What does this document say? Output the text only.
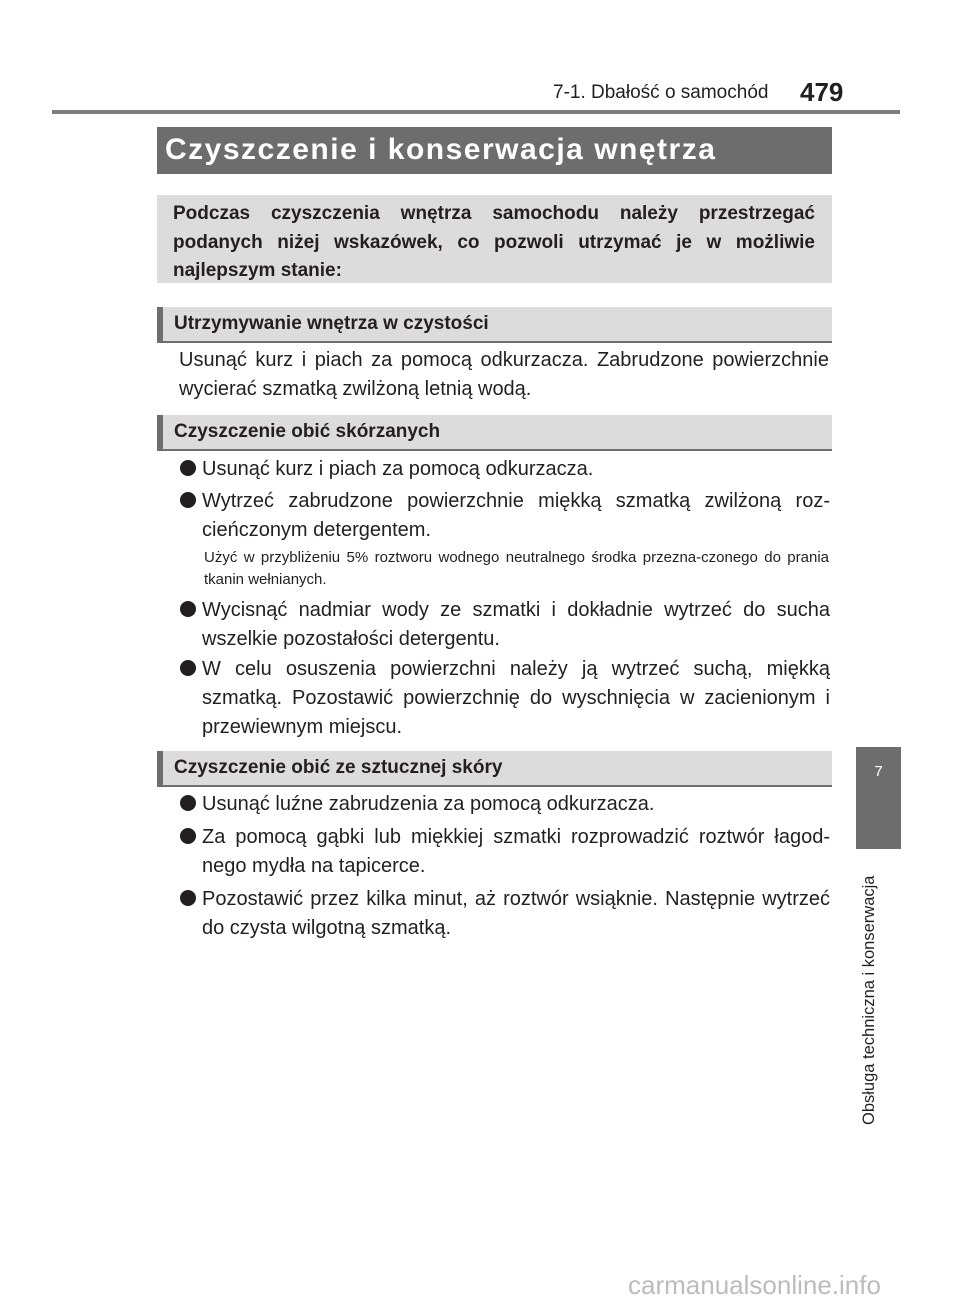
7-1. Dbałość o samochód 479
Czyszczenie i konserwacja wnętrza
Podczas czyszczenia wnętrza samochodu należy przestrzegać podanych niżej wskazówek, co pozwoli utrzymać je w możliwie najlepszym stanie:
Utrzymywanie wnętrza w czystości
Usunąć kurz i piach za pomocą odkurzacza. Zabrudzone powierzchnie wycierać szmatką zwilżoną letnią wodą.
Czyszczenie obić skórzanych
Usunąć kurz i piach za pomocą odkurzacza.
Wytrzeć zabrudzone powierzchnie miękką szmatką zwilżoną roz-cieńczonym detergentem.
Użyć w przybliżeniu 5% roztworu wodnego neutralnego środka przezna-czonego do prania tkanin wełnianych.
Wycisnąć nadmiar wody ze szmatki i dokładnie wytrzeć do sucha wszelkie pozostałości detergentu.
W celu osuszenia powierzchni należy ją wytrzeć suchą, miękką szmatką. Pozostawić powierzchnię do wyschnięcia w zacienionym i przewiewnym miejscu.
Czyszczenie obić ze sztucznej skóry
Usunąć luźne zabrudzenia za pomocą odkurzacza.
Za pomocą gąbki lub miękkiej szmatki rozprowadzić roztwór łagod-nego mydła na tapicerce.
Pozostawić przez kilka minut, aż roztwór wsiąknie. Następnie wytrzeć do czysta wilgotną szmatką.
7
Obsługa techniczna i konserwacja
carmanualsonline.info
